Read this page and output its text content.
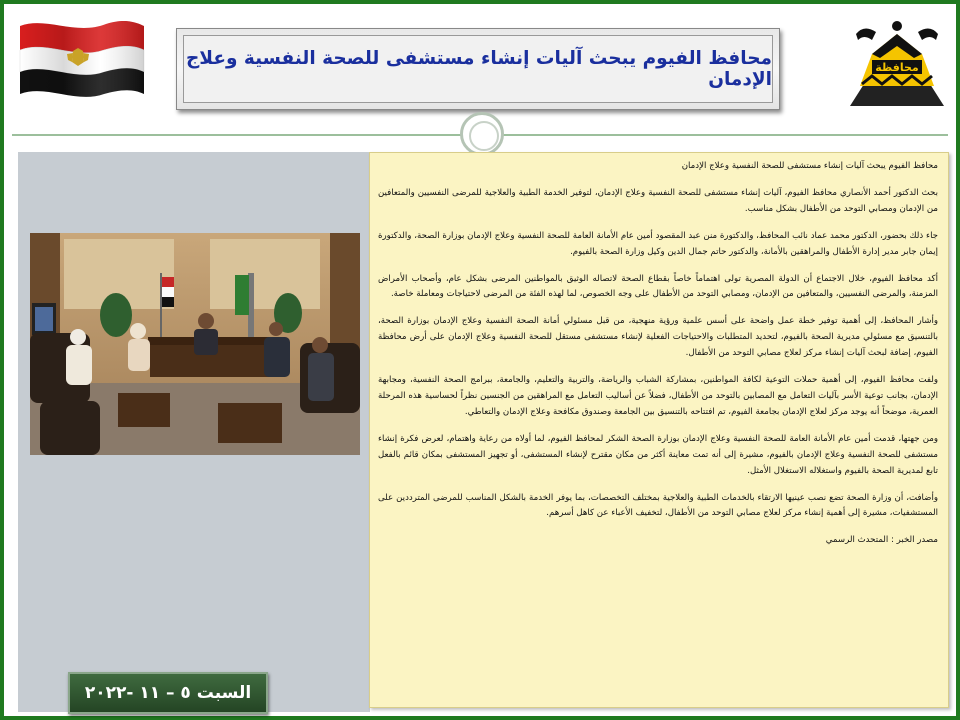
محافظة
محافظ الفيوم يبحث آليات إنشاء مستشفى للصحة النفسية وعلاج الإدمان
السبت ٥ – ١١ -٢٠٢٢

محافظ الفيوم يبحث آليات إنشاء مستشفى للصحة النفسية وعلاج الإدمان

بحث الدكتور أحمد الأنصاري محافظ الفيوم، آليات إنشاء مستشفى للصحة النفسية وعلاج الإدمان، لتوفير الخدمة الطبية والعلاجية للمرضى النفسيين والمتعافين من الإدمان ومصابي التوحد من الأطفال بشكل مناسب.

جاء ذلك بحضور، الدكتور محمد عماد نائب المحافظ، والدكتورة منن عبد المقصود أمين عام الأمانة العامة للصحة النفسية وعلاج الإدمان بوزارة الصحة، والدكتورة إيمان جابر مدير إدارة الأطفال والمراهقين بالأمانة، والدكتور حاتم جمال الدين وكيل وزارة الصحة بالفيوم.

أكد محافظ الفيوم، خلال الاجتماع أن الدولة المصرية تولى اهتماماً خاصاً بقطاع الصحة لاتصاله الوثيق بالمواطنين المرضى بشكل عام، وأصحاب الأمراض المزمنة، والمرضى النفسيين، والمتعافين من الإدمان، ومصابي التوحد من الأطفال على وجه الخصوص، لما لهذه الفئة من المرضى لاحتياجات ومعاملة خاصة.

وأشار المحافظ، إلى أهمية توفير خطة عمل واضحة على أسس علمية ورؤية منهجية، من قبل مسئولي أمانة الصحة النفسية وعلاج الإدمان بوزارة الصحة، بالتنسيق مع مسئولي مديرية الصحة بالفيوم، لتحديد المتطلبات والاحتياجات الفعلية لإنشاء مستشفى مستقل للصحة النفسية وعلاج الإدمان على أرض محافظة الفيوم، إضافة لبحث آليات إنشاء مركز لعلاج مصابي التوحد من الأطفال.

ولفت محافظ الفيوم، إلى أهمية حملات التوعية لكافة المواطنين، بمشاركة الشباب والرياضة، والتربية والتعليم، والجامعة، ببرامج الصحة النفسية، ومجابهة الإدمان، بجانب توعية الأسر بآليات التعامل مع المصابين بالتوحد من الأطفال، فضلاً عن أساليب التعامل مع المراهقين من الجنسين نظراً لحساسية هذه المرحلة العمرية، موضحاً أنه يوجد مركز لعلاج الإدمان بجامعة الفيوم، تم افتتاحه بالتنسيق بين الجامعة وصندوق مكافحة وعلاج الإدمان والتعاطي.

ومن جهتها، قدمت أمين عام الأمانة العامة للصحة النفسية وعلاج الإدمان بوزارة الصحة الشكر لمحافظ الفيوم، لما أولاه من رعاية واهتمام، لعرض فكرة إنشاء مستشفى للصحة النفسية وعلاج الإدمان بالفيوم، مشيرة إلى أنه تمت معاينة أكثر من مكان مقترح لإنشاء المستشفى، أو تجهيز المستشفى بمكان قائم بالفعل تابع لمديرية الصحة بالفيوم واستغلاله الاستغلال الأمثل.

وأضافت، أن وزارة الصحة تضع نصب عينيها الارتقاء بالخدمات الطبية والعلاجية بمختلف التخصصات، بما يوفر الخدمة بالشكل المناسب للمرضى المترددين على المستشفيات، مشيرة إلى أهمية إنشاء مركز لعلاج مصابي التوحد من الأطفال، لتخفيف الأعباء عن كاهل أسرهم.

مصدر الخبر : المتحدث الرسمي
